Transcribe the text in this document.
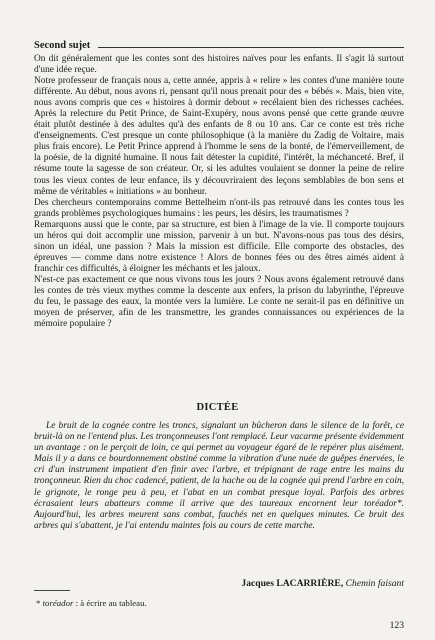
Second sujet

On dit généralement que les contes sont des histoires naïves pour les enfants. Il s'agit là surtout d'une idée reçue.

Notre professeur de français nous a, cette année, appris à « relire » les contes d'une manière toute différente. Au début, nous avons ri, pensant qu'il nous prenait pour des « bébés ». Mais, bien vite, nous avons compris que ces « histoires à dormir debout » recélaient bien des richesses cachées. Après la relecture du Petit Prince, de Saint-Exupéry, nous avons pensé que cette grande œuvre était plutôt destinée à des adultes qu'à des enfants de 8 ou 10 ans. Car ce conte est très riche d'enseignements. C'est presque un conte philosophique (à la manière du Zadig de Voltaire, mais plus frais encore). Le Petit Prince apprend à l'homme le sens de la bonté, de l'émerveillement, de la poésie, de la dignité humaine. Il nous fait détester la cupidité, l'intérêt, la méchanceté. Bref, il résume toute la sagesse de son créateur. Or, si les adultes voulaient se donner la peine de relire tous les vieux contes de leur enfance, ils y découvriraient des leçons semblables de bon sens et même de véritables « initiations » au bonheur.

Des chercheurs contemporains comme Bettelheim n'ont-ils pas retrouvé dans les contes tous les grands problèmes psychologiques humains : les peurs, les désirs, les traumatismes ?

Remarquons aussi que le conte, par sa structure, est bien à l'image de la vie. Il comporte toujours un héros qui doit accomplir une mission, parvenir à un but. N'avons-nous pas tous des désirs, sinon un idéal, une passion ? Mais la mission est difficile. Elle comporte des obstacles, des épreuves — comme dans notre existence ! Alors de bonnes fées ou des êtres aimés aident à franchir ces difficultés, à éloigner les méchants et les jaloux.

N'est-ce pas exactement ce que nous vivons tous les jours ? Nous avons également retrouvé dans les contes de très vieux mythes comme la descente aux enfers, la prison du labyrinthe, l'épreuve du feu, le passage des eaux, la montée vers la lumière. Le conte ne serait-il pas en définitive un moyen de préserver, afin de les transmettre, les grandes connaissances ou expériences de la mémoire populaire ?

DICTÉE

Le bruit de la cognée contre les troncs, signalant un bûcheron dans le silence de la forêt, ce bruit-là on ne l'entend plus. Les tronçonneuses l'ont remplacé. Leur vacarme présente évidemment un avantage : on le perçoit de loin, ce qui permet au voyageur égaré de le repérer plus aisément. Mais il y a dans ce bourdonnement obstiné comme la vibration d'une nuée de guêpes énervées, le cri d'un instrument impatient d'en finir avec l'arbre, et trépignant de rage entre les mains du tronçonneur. Rien du choc cadencé, patient, de la hache ou de la cognée qui prend l'arbre en coin, le grignote, le ronge peu à peu, et l'abat en un combat presque loyal. Parfois des arbres écrasaient leurs abatteurs comme il arrive que des taureaux encornent leur toréador*. Aujourd'hui, les arbres meurent sans combat, fauchés net en quelques minutes. Ce bruit des arbres qui s'abattent, je l'ai entendu maintes fois au cours de cette marche.

Jacques LACARRIÈRE, Chemin faisant
* toréador : à écrire au tableau.
123
